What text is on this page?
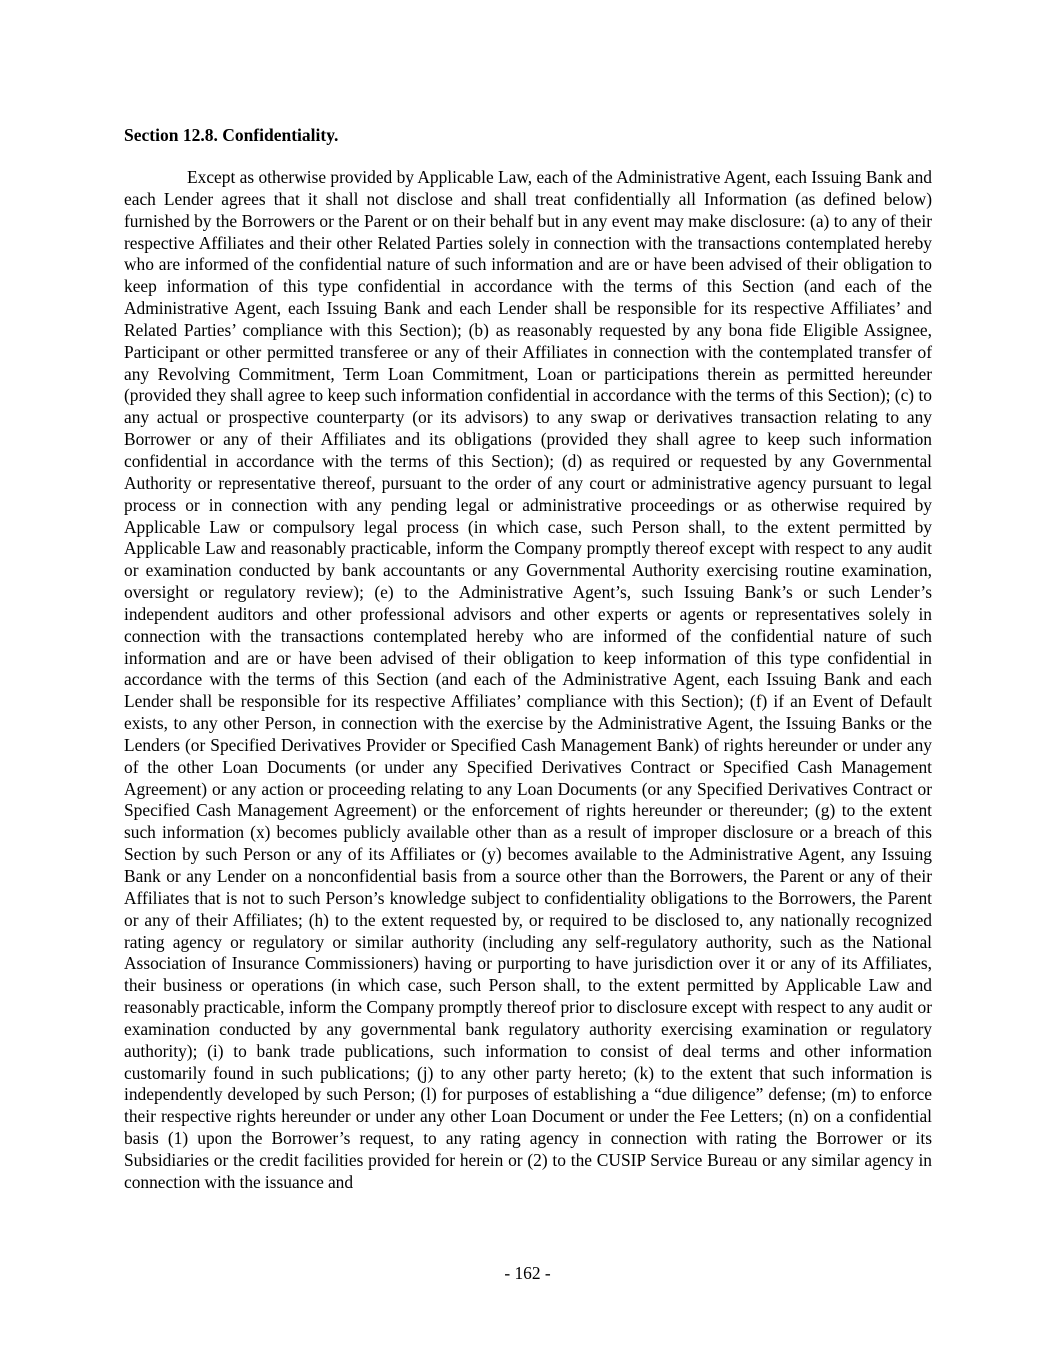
Section 12.8. Confidentiality.

Except as otherwise provided by Applicable Law, each of the Administrative Agent, each Issuing Bank and each Lender agrees that it shall not disclose and shall treat confidentially all Information (as defined below) furnished by the Borrowers or the Parent or on their behalf but in any event may make disclosure: (a) to any of their respective Affiliates and their other Related Parties solely in connection with the transactions contemplated hereby who are informed of the confidential nature of such information and are or have been advised of their obligation to keep information of this type confidential in accordance with the terms of this Section (and each of the Administrative Agent, each Issuing Bank and each Lender shall be responsible for its respective Affiliates’ and Related Parties’ compliance with this Section); (b) as reasonably requested by any bona fide Eligible Assignee, Participant or other permitted transferee or any of their Affiliates in connection with the contemplated transfer of any Revolving Commitment, Term Loan Commitment, Loan or participations therein as permitted hereunder (provided they shall agree to keep such information confidential in accordance with the terms of this Section); (c) to any actual or prospective counterparty (or its advisors) to any swap or derivatives transaction relating to any Borrower or any of their Affiliates and its obligations (provided they shall agree to keep such information confidential in accordance with the terms of this Section); (d) as required or requested by any Governmental Authority or representative thereof, pursuant to the order of any court or administrative agency pursuant to legal process or in connection with any pending legal or administrative proceedings or as otherwise required by Applicable Law or compulsory legal process (in which case, such Person shall, to the extent permitted by Applicable Law and reasonably practicable, inform the Company promptly thereof except with respect to any audit or examination conducted by bank accountants or any Governmental Authority exercising routine examination, oversight or regulatory review); (e) to the Administrative Agent’s, such Issuing Bank’s or such Lender’s independent auditors and other professional advisors and other experts or agents or representatives solely in connection with the transactions contemplated hereby who are informed of the confidential nature of such information and are or have been advised of their obligation to keep information of this type confidential in accordance with the terms of this Section (and each of the Administrative Agent, each Issuing Bank and each Lender shall be responsible for its respective Affiliates’ compliance with this Section); (f) if an Event of Default exists, to any other Person, in connection with the exercise by the Administrative Agent, the Issuing Banks or the Lenders (or Specified Derivatives Provider or Specified Cash Management Bank) of rights hereunder or under any of the other Loan Documents (or under any Specified Derivatives Contract or Specified Cash Management Agreement) or any action or proceeding relating to any Loan Documents (or any Specified Derivatives Contract or Specified Cash Management Agreement) or the enforcement of rights hereunder or thereunder; (g) to the extent such information (x) becomes publicly available other than as a result of improper disclosure or a breach of this Section by such Person or any of its Affiliates or (y) becomes available to the Administrative Agent, any Issuing Bank or any Lender on a nonconfidential basis from a source other than the Borrowers, the Parent or any of their Affiliates that is not to such Person’s knowledge subject to confidentiality obligations to the Borrowers, the Parent or any of their Affiliates; (h) to the extent requested by, or required to be disclosed to, any nationally recognized rating agency or regulatory or similar authority (including any self-regulatory authority, such as the National Association of Insurance Commissioners) having or purporting to have jurisdiction over it or any of its Affiliates, their business or operations (in which case, such Person shall, to the extent permitted by Applicable Law and reasonably practicable, inform the Company promptly thereof prior to disclosure except with respect to any audit or examination conducted by any governmental bank regulatory authority exercising examination or regulatory authority); (i) to bank trade publications, such information to consist of deal terms and other information customarily found in such publications; (j) to any other party hereto; (k) to the extent that such information is independently developed by such Person; (l) for purposes of establishing a “due diligence” defense; (m) to enforce their respective rights hereunder or under any other Loan Document or under the Fee Letters; (n) on a confidential basis (1) upon the Borrower’s request, to any rating agency in connection with rating the Borrower or its Subsidiaries or the credit facilities provided for herein or (2) to the CUSIP Service Bureau or any similar agency in connection with the issuance and

- 162 -
